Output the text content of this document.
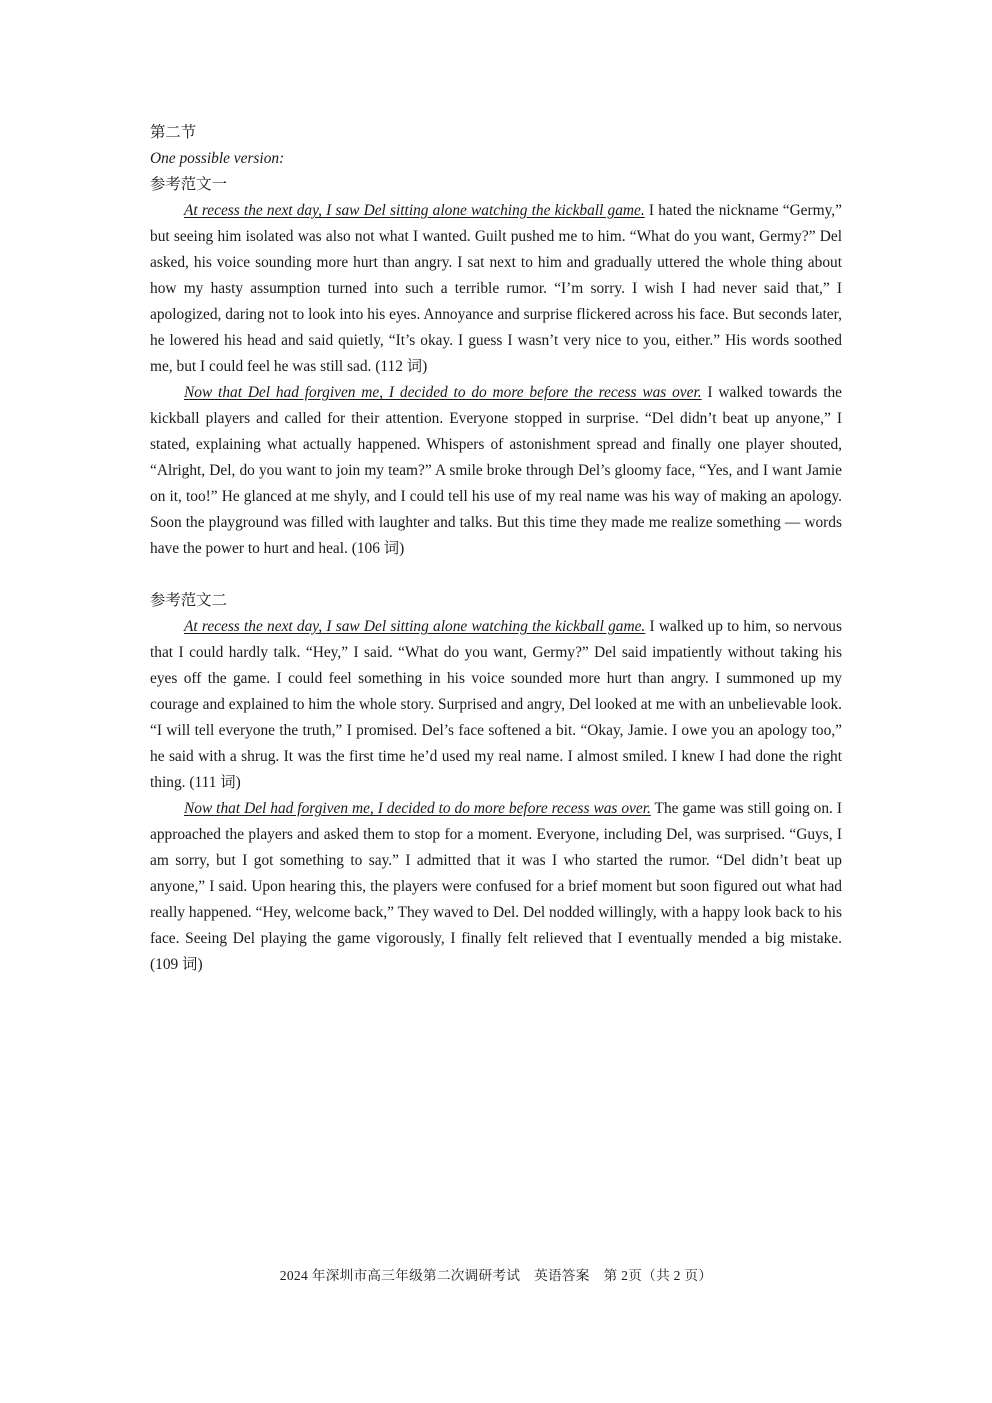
第二节

One possible version:

参考范文一

At recess the next day, I saw Del sitting alone watching the kickball game. I hated the nickname “Germy,” but seeing him isolated was also not what I wanted. Guilt pushed me to him. “What do you want, Germy?” Del asked, his voice sounding more hurt than angry. I sat next to him and gradually uttered the whole thing about how my hasty assumption turned into such a terrible rumor. “I’m sorry. I wish I had never said that,” I apologized, daring not to look into his eyes. Annoyance and surprise flickered across his face. But seconds later, he lowered his head and said quietly, “It’s okay. I guess I wasn’t very nice to you, either.” His words soothed me, but I could feel he was still sad. (112 词)

Now that Del had forgiven me, I decided to do more before the recess was over. I walked towards the kickball players and called for their attention. Everyone stopped in surprise. “Del didn’t beat up anyone,” I stated, explaining what actually happened. Whispers of astonishment spread and finally one player shouted, “Alright, Del, do you want to join my team?” A smile broke through Del’s gloomy face, “Yes, and I want Jamie on it, too!” He glanced at me shyly, and I could tell his use of my real name was his way of making an apology. Soon the playground was filled with laughter and talks. But this time they made me realize something — words have the power to hurt and heal. (106 词)

参考范文二

At recess the next day, I saw Del sitting alone watching the kickball game. I walked up to him, so nervous that I could hardly talk. “Hey,” I said. “What do you want, Germy?” Del said impatiently without taking his eyes off the game. I could feel something in his voice sounded more hurt than angry. I summoned up my courage and explained to him the whole story. Surprised and angry, Del looked at me with an unbelievable look. “I will tell everyone the truth,” I promised. Del’s face softened a bit. “Okay, Jamie. I owe you an apology too,” he said with a shrug. It was the first time he’d used my real name. I almost smiled. I knew I had done the right thing. (111 词)

Now that Del had forgiven me, I decided to do more before recess was over. The game was still going on. I approached the players and asked them to stop for a moment. Everyone, including Del, was surprised. “Guys, I am sorry, but I got something to say.” I admitted that it was I who started the rumor. “Del didn’t beat up anyone,” I said. Upon hearing this, the players were confused for a brief moment but soon figured out what had really happened. “Hey, welcome back,” They waved to Del. Del nodded willingly, with a happy look back to his face. Seeing Del playing the game vigorously, I finally felt relieved that I eventually mended a big mistake. (109 词)

2024 年深圳市高三年级第二次调研考试　英语答案　第 2页（共 2 页）
